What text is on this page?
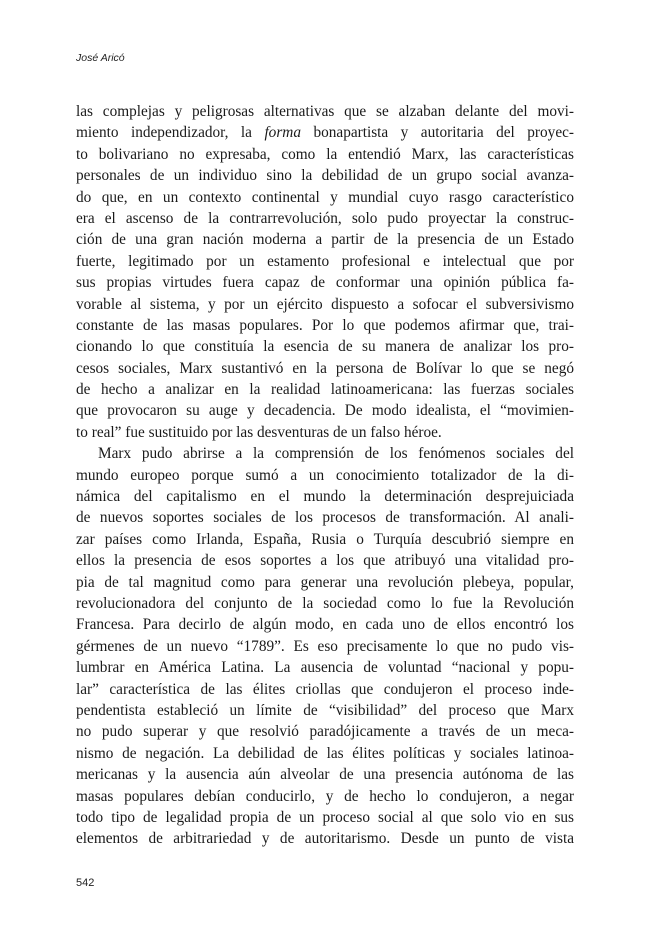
José Aricó
las complejas y peligrosas alternativas que se alzaban delante del movi-
miento independizador, la forma bonapartista y autoritaria del proyec-
to bolivariano no expresaba, como la entendió Marx, las características
personales de un individuo sino la debilidad de un grupo social avanza-
do que, en un contexto continental y mundial cuyo rasgo característico
era el ascenso de la contrarrevolución, solo pudo proyectar la construc-
ción de una gran nación moderna a partir de la presencia de un Estado
fuerte, legitimado por un estamento profesional e intelectual que por
sus propias virtudes fuera capaz de conformar una opinión pública fa-
vorable al sistema, y por un ejército dispuesto a sofocar el subversivismo
constante de las masas populares. Por lo que podemos afirmar que, trai-
cionando lo que constituía la esencia de su manera de analizar los pro-
cesos sociales, Marx sustantivó en la persona de Bolívar lo que se negó
de hecho a analizar en la realidad latinoamericana: las fuerzas sociales
que provocaron su auge y decadencia. De modo idealista, el “movimien-
to real” fue sustituido por las desventuras de un falso héroe.
Marx pudo abrirse a la comprensión de los fenómenos sociales del
mundo europeo porque sumó a un conocimiento totalizador de la di-
námica del capitalismo en el mundo la determinación desprejuiciada
de nuevos soportes sociales de los procesos de transformación. Al anali-
zar países como Irlanda, España, Rusia o Turquía descubrió siempre en
ellos la presencia de esos soportes a los que atribuyó una vitalidad pro-
pia de tal magnitud como para generar una revolución plebeya, popular,
revolucionadora del conjunto de la sociedad como lo fue la Revolución
Francesa. Para decirlo de algún modo, en cada uno de ellos encontró los
gérmenes de un nuevo “1789”. Es eso precisamente lo que no pudo vis-
lumbrar en América Latina. La ausencia de voluntad “nacional y popu-
lar” característica de las élites criollas que condujeron el proceso inde-
pendentista estableció un límite de “visibilidad” del proceso que Marx
no pudo superar y que resolvió paradójicamente a través de un meca-
nismo de negación. La debilidad de las élites políticas y sociales latinoa-
mericanas y la ausencia aún alveolar de una presencia autónoma de las
masas populares debían conducirlo, y de hecho lo condujeron, a negar
todo tipo de legalidad propia de un proceso social al que solo vio en sus
elementos de arbitrariedad y de autoritarismo. Desde un punto de vista
542
